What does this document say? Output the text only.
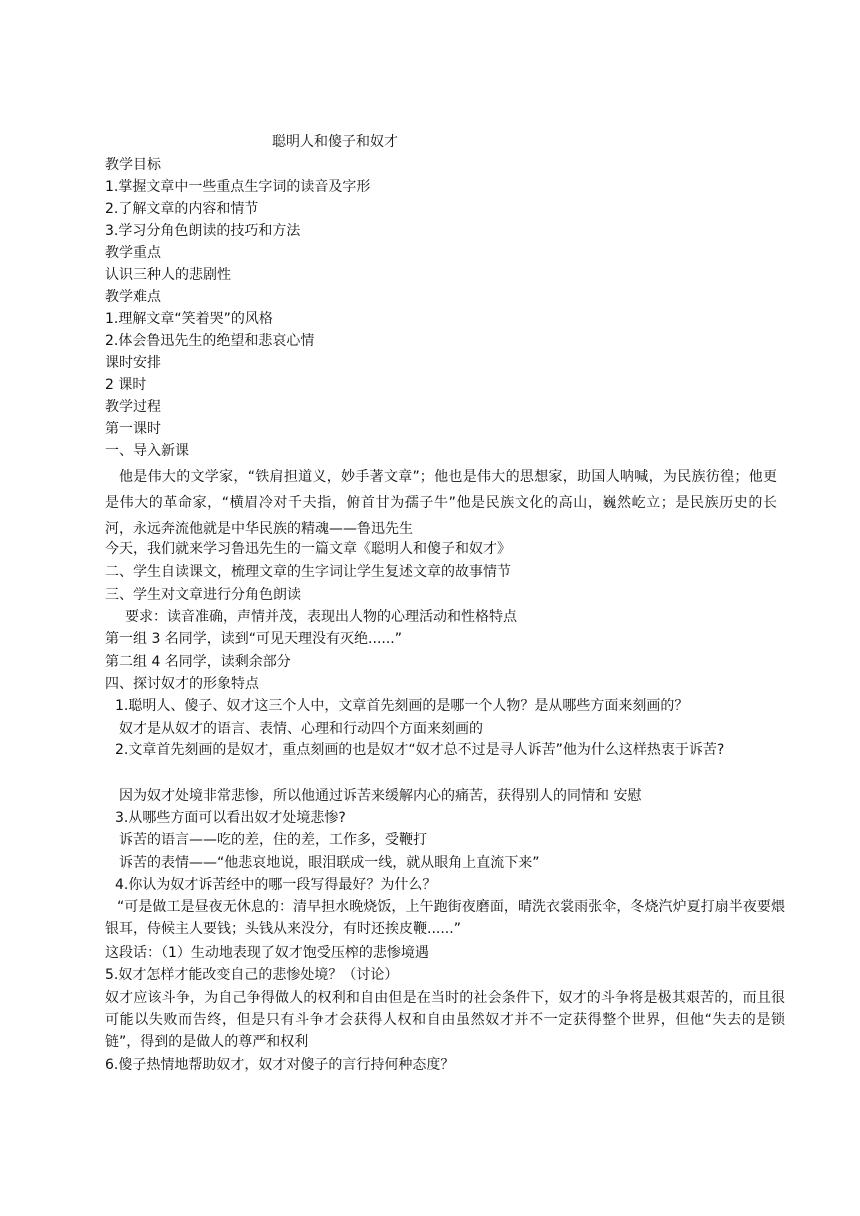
聪明人和傻子和奴才
教学目标
1.掌握文章中一些重点生字词的读音及字形
2.了解文章的内容和情节
3.学习分角色朗读的技巧和方法
教学重点
认识三种人的悲剧性
教学难点
1.理解文章“笑着哭”的风格
2.体会鲁迅先生的绝望和悲哀心情
课时安排
2 课时
教学过程
第一课时
一、导入新课
他是伟大的文学家，“铁肩担道义，妙手著文章”；他也是伟大的思想家，助国人呐喊，为民族彷徨；他更是伟大的革命家，“横眉冷对千夫指，俯首甘为孺子牛”他是民族文化的高山，巍然屹立；是民族历史的长河，永远奔流他就是中华民族的精魂——鲁迅先生
今天，我们就来学习鲁迅先生的一篇文章《聪明人和傻子和奴才》
二、学生自读课文，梳理文章的生字词让学生复述文章的故事情节
三、学生对文章进行分角色朗读
要求：读音准确，声情并茂，表现出人物的心理活动和性格特点
第一组 3 名同学，读到“可见天理没有灭绝......”
第二组 4 名同学，读剩余部分
四、探讨奴才的形象特点
1.聪明人、傻子、奴才这三个人中，文章首先刻画的是哪一个人物？是从哪些方面来刻画的？
奴才是从奴才的语言、表情、心理和行动四个方面来刻画的
2.文章首先刻画的是奴才，重点刻画的也是奴才“奴才总不过是寻人诉苦”他为什么这样热衷于诉苦?
因为奴才处境非常悲惨，所以他通过诉苦来缓解内心的痛苦，获得别人的同情和 安慰
3.从哪些方面可以看出奴才处境悲惨?
诉苦的语言——吃的差，住的差，工作多，受鞭打
诉苦的表情——“他悲哀地说，眼泪联成一线，就从眼角上直流下来”
4.你认为奴才诉苦经中的哪一段写得最好？为什么？
“可是做工是昼夜无休息的：清早担水晚烧饭，上午跑街夜磨面，晴洗衣裳雨张伞，冬烧汽炉夏打扇半夜要煨银耳，侍候主人要钱；头钱从来没分，有时还挨皮鞭......”
这段话：（1）生动地表现了奴才饱受压榨的悲惨境遇
5.奴才怎样才能改变自己的悲惨处境？（讨论）
奴才应该斗争，为自己争得做人的权利和自由但是在当时的社会条件下，奴才的斗争将是极其艰苦的，而且很可能以失败而告终，但是只有斗争才会获得人权和自由虽然奴才并不一定获得整个世界，但他“失去的是锁链”，得到的是做人的尊严和权利
6.傻子热情地帮助奴才，奴才对傻子的言行持何种态度？
